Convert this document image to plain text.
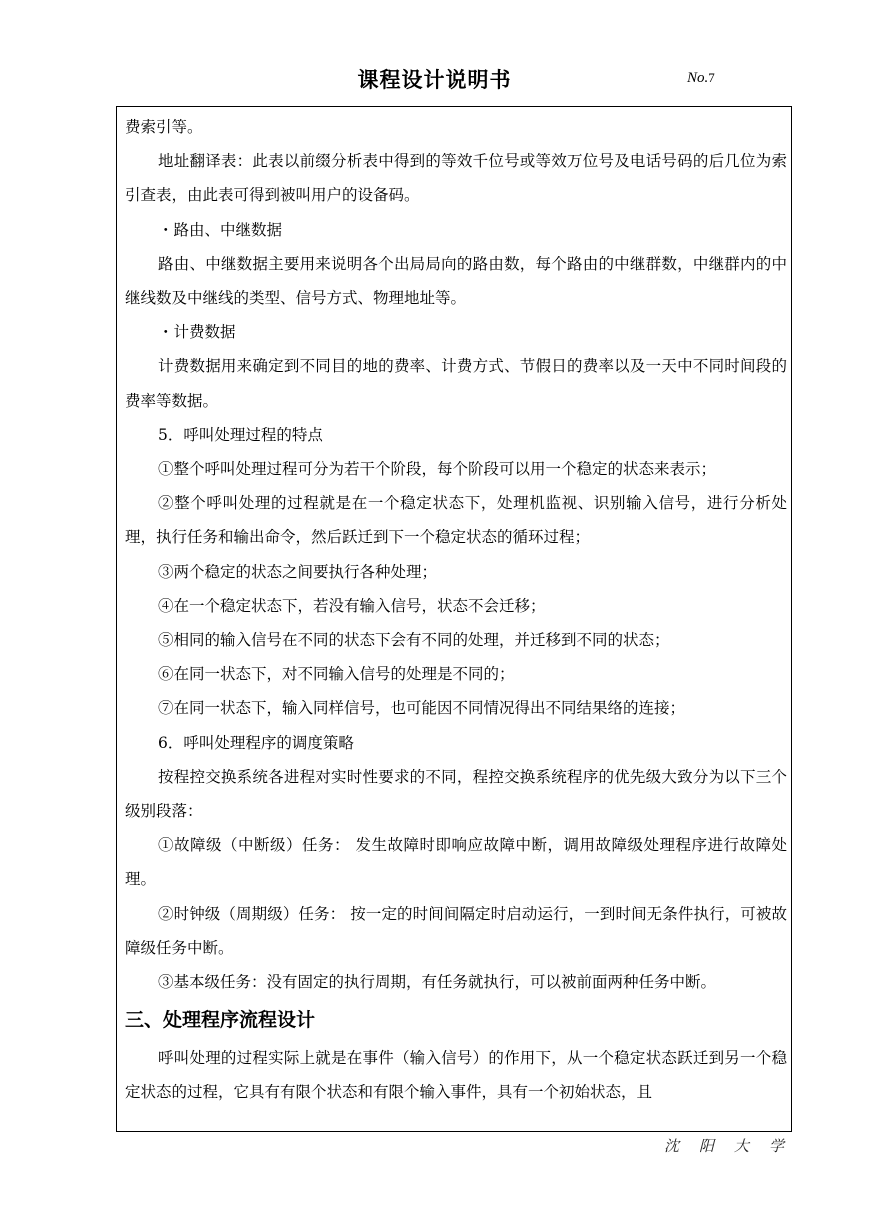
课程设计说明书	No.7

费索引等。

地址翻译表：此表以前缀分析表中得到的等效千位号或等效万位号及电话号码的后几位为索引查表，由此表可得到被叫用户的设备码。

・路由、中继数据

路由、中继数据主要用来说明各个出局局向的路由数，每个路由的中继群数，中继群内的中继线数及中继线的类型、信号方式、物理地址等。

・计费数据

计费数据用来确定到不同目的地的费率、计费方式、节假日的费率以及一天中不同时间段的费率等数据。

5．呼叫处理过程的特点

①整个呼叫处理过程可分为若干个阶段，每个阶段可以用一个稳定的状态来表示；

②整个呼叫处理的过程就是在一个稳定状态下，处理机监视、识别输入信号，进行分析处理，执行任务和输出命令，然后跃迁到下一个稳定状态的循环过程；

③两个稳定的状态之间要执行各种处理；

④在一个稳定状态下，若没有输入信号，状态不会迁移；

⑤相同的输入信号在不同的状态下会有不同的处理，并迁移到不同的状态；

⑥在同一状态下，对不同输入信号的处理是不同的；

⑦在同一状态下，输入同样信号，也可能因不同情况得出不同结果络的连接；

6．呼叫处理程序的调度策略

按程控交换系统各进程对实时性要求的不同，程控交换系统程序的优先级大致分为以下三个级别段落：

①故障级（中断级）任务： 发生故障时即响应故障中断，调用故障级处理程序进行故障处理。

②时钟级（周期级）任务： 按一定的时间间隔定时启动运行，一到时间无条件执行，可被故障级任务中断。

③基本级任务：没有固定的执行周期，有任务就执行，可以被前面两种任务中断。

三、处理程序流程设计

呼叫处理的过程实际上就是在事件（输入信号）的作用下，从一个稳定状态跃迁到另一个稳定状态的过程，它具有有限个状态和有限个输入事件，具有一个初始状态，且

沈阳大学
